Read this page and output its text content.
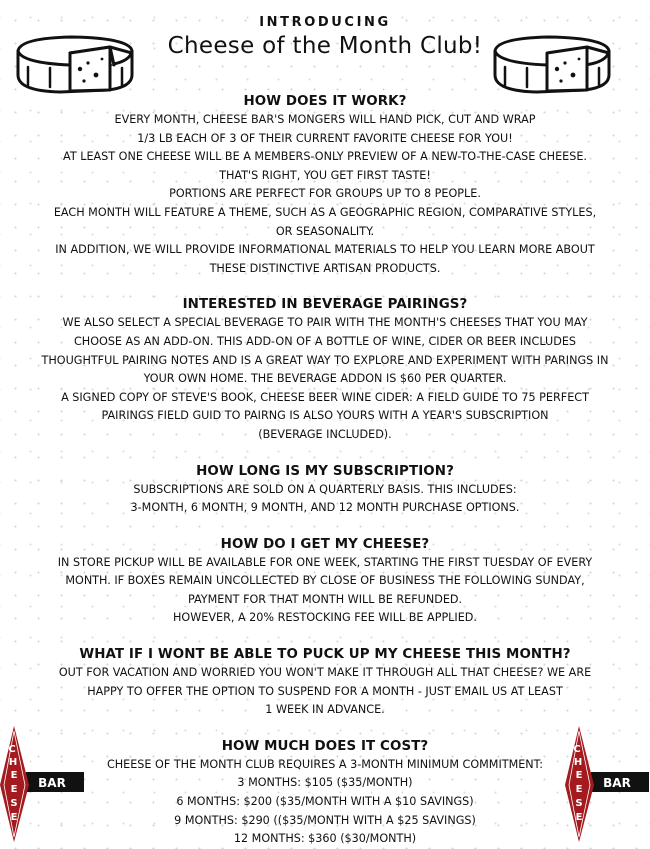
INTRODUCING
Cheese of the Month Club!
HOW DOES IT WORK?

EVERY MONTH, CHEESE BAR'S MONGERS WILL HAND PICK, CUT AND WRAP

1/3 LB EACH OF 3 OF THEIR CURRENT FAVORITE CHEESE FOR YOU!

AT LEAST ONE CHEESE WILL BE A MEMBERS-ONLY PREVIEW OF A NEW-TO-THE-CASE CHEESE.

THAT'S RIGHT, YOU GET FIRST TASTE!

PORTIONS ARE PERFECT FOR GROUPS UP TO 8 PEOPLE.

EACH MONTH WILL FEATURE A THEME, SUCH AS A GEOGRAPHIC REGION, COMPARATIVE STYLES,

OR SEASONALITY.

IN ADDITION, WE WILL PROVIDE INFORMATIONAL MATERIALS TO HELP YOU LEARN MORE ABOUT

THESE DISTINCTIVE ARTISAN PRODUCTS.

INTERESTED IN BEVERAGE PAIRINGS?

WE ALSO SELECT A SPECIAL BEVERAGE TO PAIR WITH THE MONTH'S CHEESES THAT YOU MAY

CHOOSE AS AN ADD-ON. THIS ADD-ON OF A BOTTLE OF WINE, CIDER OR BEER INCLUDES

THOUGHTFUL PAIRING NOTES AND IS A GREAT WAY TO EXPLORE AND EXPERIMENT WITH PARINGS IN

YOUR OWN HOME. THE BEVERAGE ADDON IS $60 PER QUARTER.

A SIGNED COPY OF STEVE'S BOOK, CHEESE BEER WINE CIDER: A FIELD GUIDE TO 75 PERFECT

PAIRINGS FIELD GUID TO PAIRNG IS ALSO YOURS WITH A YEAR'S SUBSCRIPTION

(BEVERAGE INCLUDED).

HOW LONG IS MY SUBSCRIPTION?

SUBSCRIPTIONS ARE SOLD ON A QUARTERLY BASIS. THIS INCLUDES:

3-MONTH, 6 MONTH, 9 MONTH, AND 12 MONTH PURCHASE OPTIONS.

HOW DO I GET MY CHEESE?

IN STORE PICKUP WILL BE AVAILABLE FOR ONE WEEK, STARTING THE FIRST TUESDAY OF EVERY

MONTH. IF BOXES REMAIN UNCOLLECTED BY CLOSE OF BUSINESS THE FOLLOWING SUNDAY,

PAYMENT FOR THAT MONTH WILL BE REFUNDED.

HOWEVER, A 20% RESTOCKING FEE WILL BE APPLIED.

WHAT IF I WONT BE ABLE TO PUCK UP MY CHEESE THIS MONTH?

OUT FOR VACATION AND WORRIED YOU WON'T MAKE IT THROUGH ALL THAT CHEESE? WE ARE

HAPPY TO OFFER THE OPTION TO SUSPEND FOR A MONTH - JUST EMAIL US AT LEAST

1 WEEK IN ADVANCE.

HOW MUCH DOES IT COST?

CHEESE OF THE MONTH CLUB REQUIRES A 3-MONTH MINIMUM COMMITMENT:

3 MONTHS: $105 ($35/MONTH)

6 MONTHS: $200 ($35/MONTH WITH A $10 SAVINGS)

9 MONTHS: $290 (($35/MONTH WITH A $25 SAVINGS)

12 MONTHS: $360 ($30/MONTH)

BAR
C
H
E
E
S
E
BAR
C
H
E
E
S
E
